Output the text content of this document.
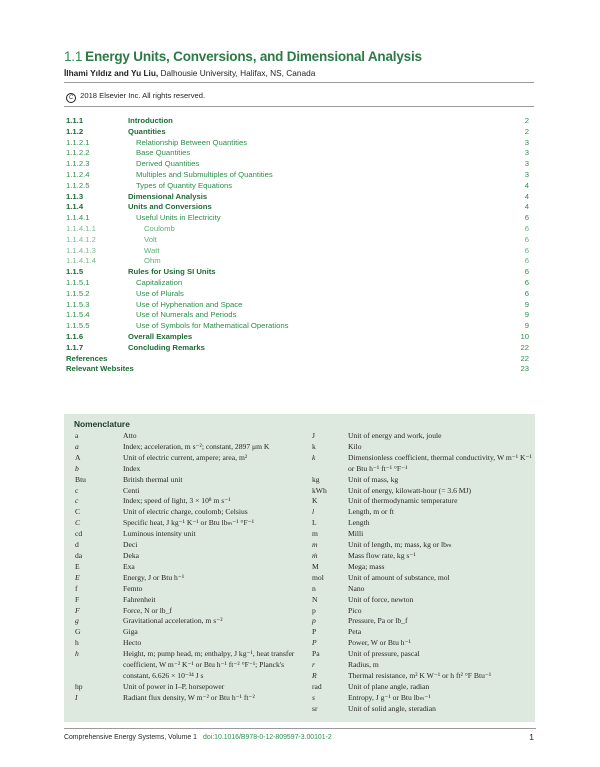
1.1 Energy Units, Conversions, and Dimensional Analysis
İlhami Yıldız and Yu Liu, Dalhousie University, Halifax, NS, Canada
C 2018 Elsevier Inc. All rights reserved.
1.1.1	Introduction	2
1.1.2	Quantities	2
1.1.2.1	Relationship Between Quantities	3
1.1.2.2	Base Quantities	3
1.1.2.3	Derived Quantities	3
1.1.2.4	Multiples and Submultiples of Quantities	3
1.1.2.5	Types of Quantity Equations	4
1.1.3	Dimensional Analysis	4
1.1.4	Units and Conversions	4
1.1.4.1	Useful Units in Electricity	6
1.1.4.1.1	Coulomb	6
1.1.4.1.2	Volt	6
1.1.4.1.3	Watt	6
1.1.4.1.4	Ohm	6
1.1.5	Rules for Using SI Units	6
1.1.5.1	Capitalization	6
1.1.5.2	Use of Plurals	6
1.1.5.3	Use of Hyphenation and Space	9
1.1.5.4	Use of Numerals and Periods	9
1.1.5.5	Use of Symbols for Mathematical Operations	9
1.1.6	Overall Examples	10
1.1.7	Concluding Remarks	22
References	22
Relevant Websites	23
Nomenclature
a	Atto
a	Index; acceleration, m s⁻²; constant, 2897 μm K
A	Unit of electric current, ampere; area, m²
b	Index
Btu	British thermal unit
c	Centi
c	Index; speed of light, 3 × 10⁸ m s⁻¹
C	Unit of electric charge, coulomb; Celsius
C	Specific heat, J kg⁻¹ K⁻¹ or Btu lbₘ⁻¹ °F⁻¹
cd	Luminous intensity unit
d	Deci
da	Deka
E	Exa
E	Energy, J or Btu h⁻¹
f	Femto
F	Fahrenheit
F	Force, N or lb_f
g	Gravitational acceleration, m s⁻²
G	Giga
h	Hecto
h	Height, m; pump head, m; enthalpy, J kg⁻¹, heat transfer coefficient, W m⁻² K⁻¹ or Btu h⁻¹ ft⁻² °F⁻¹; Planck's constant, 6.626 × 10⁻³⁴ J s
hp	Unit of power in I–P, horsepower
I	Radiant flux density, W m⁻² or Btu h⁻¹ ft⁻²
J	Unit of energy and work, joule
k	Kilo
k	Dimensionless coefficient, thermal conductivity, W m⁻¹ K⁻¹ or Btu h⁻¹ ft⁻¹ °F⁻¹
kg	Unit of mass, kg
kWh	Unit of energy, kilowatt-hour (= 3.6 MJ)
K	Unit of thermodynamic temperature
l	Length, m or ft
L	Length
m	Milli
m	Unit of length, m; mass, kg or lbₘ
ṁ	Mass flow rate, kg s⁻¹
M	Mega; mass
mol	Unit of amount of substance, mol
n	Nano
N	Unit of force, newton
p	Pico
p	Pressure, Pa or lb_f
P	Peta
P	Power, W or Btu h⁻¹
Pa	Unit of pressure, pascal
r	Radius, m
R	Thermal resistance, m² K W⁻¹ or h ft² °F Btu⁻¹
rad	Unit of plane angle, radian
s	Entropy, J g⁻¹ or Btu lbₘ⁻¹
sr	Unit of solid angle, steradian
Comprehensive Energy Systems, Volume 1 doi:10.1016/B978-0-12-809597-3.00101-2	1
